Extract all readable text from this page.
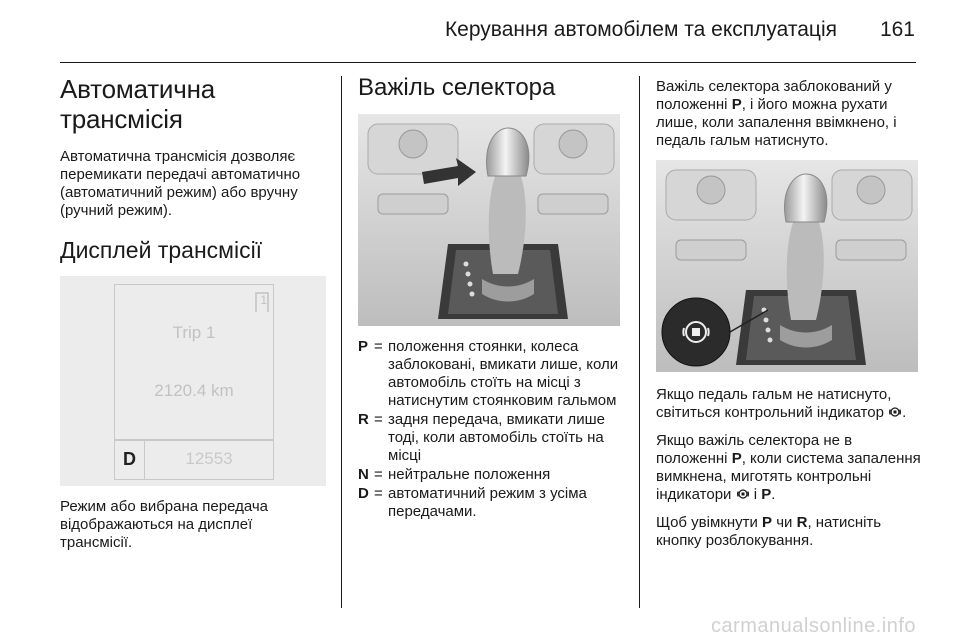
Керування автомобілем та експлуатація 161
Автоматична
трансмісія

Автоматична трансмісія дозволяє перемикати передачі автоматично (автоматичний режим) або вручну (ручний режим).

Дисплей трансмісії
1
Trip 1
2120.4 km
D	12553

Режим або вибрана передача відображаються на дисплеї трансмісії.

Важіль селектора
P = положення стоянки, колеса заблоковані, вмикати лише, коли автомобіль стоїть на місці з натиснутим стоянковим гальмом
R = задня передача, вмикати лише тоді, коли автомобіль стоїть на місці
N = нейтральне положення
D = автоматичний режим з усіма передачами.

Важіль селектора заблокований у положенні P, і його можна рухати лише, коли запалення ввімкнено, і педаль гальм натиснуто.

Якщо педаль гальм не натиснуто, світиться контрольний індикатор .

Якщо важіль селектора не в положенні P, коли система запалення вимкнена, миготять контрольні індикатори  і P.

Щоб увімкнути P чи R, натисніть кнопку розблокування.

carmanualsonline.info
